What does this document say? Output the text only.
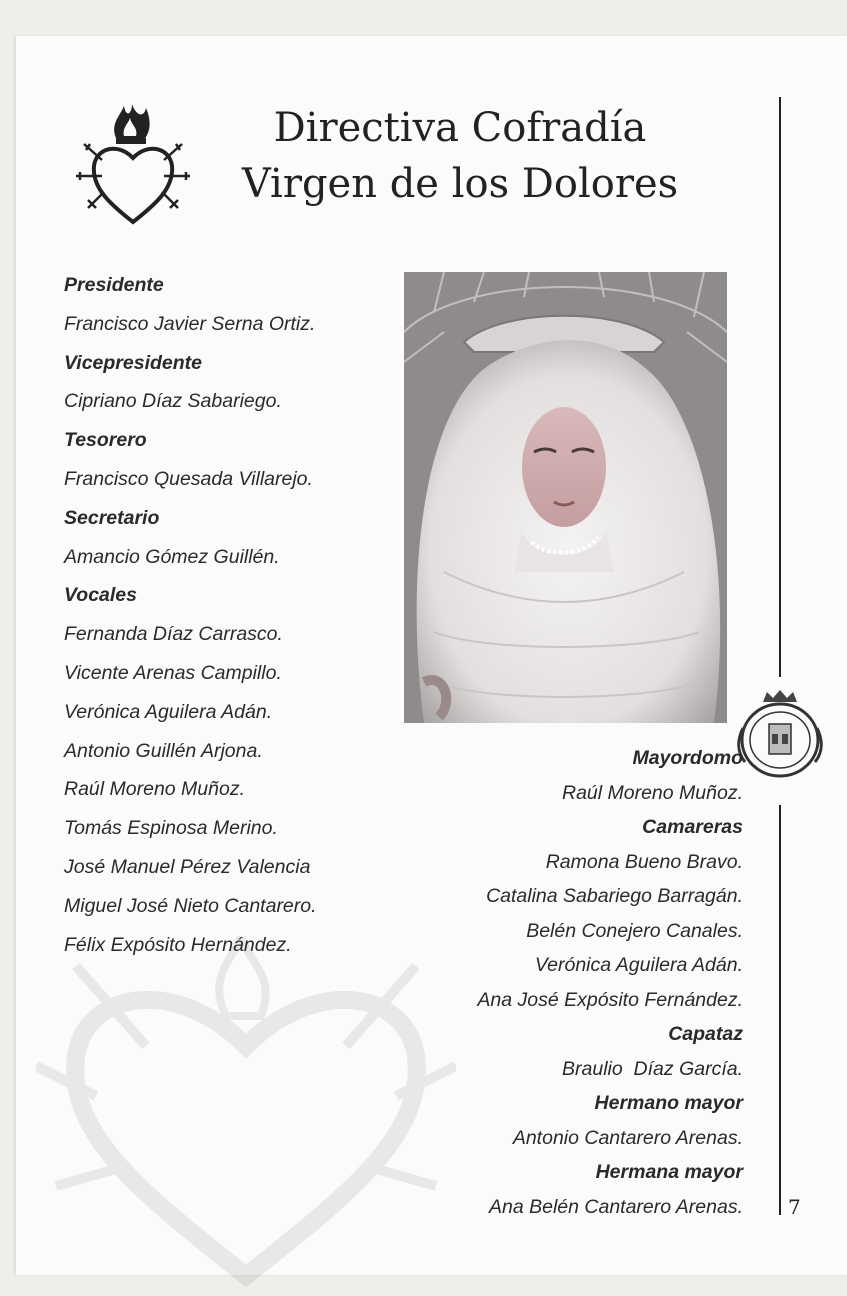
Directiva Cofradía
Virgen de los Dolores
7
Presidente
Francisco Javier Serna Ortiz.
Vicepresidente
Cipriano Díaz Sabariego.
Tesorero
Francisco Quesada Villarejo.
Secretario
Amancio Gómez Guillén.
Vocales
Fernanda Díaz Carrasco.
Vicente Arenas Campillo.
Verónica Aguilera Adán.
Antonio Guillén Arjona.
Raúl Moreno Muñoz.
Tomás Espinosa Merino.
José Manuel Pérez Valencia
Miguel José Nieto Cantarero.
Félix Expósito Hernández.
Mayordomo
Raúl Moreno Muñoz.
Camareras
Ramona Bueno Bravo.
Catalina Sabariego Barragán.
Belén Conejero Canales.
Verónica Aguilera Adán.
Ana José Expósito Fernández.
Capataz
Braulio  Díaz García.
Hermano mayor
Antonio Cantarero Arenas.
Hermana mayor
Ana Belén Cantarero Arenas.
